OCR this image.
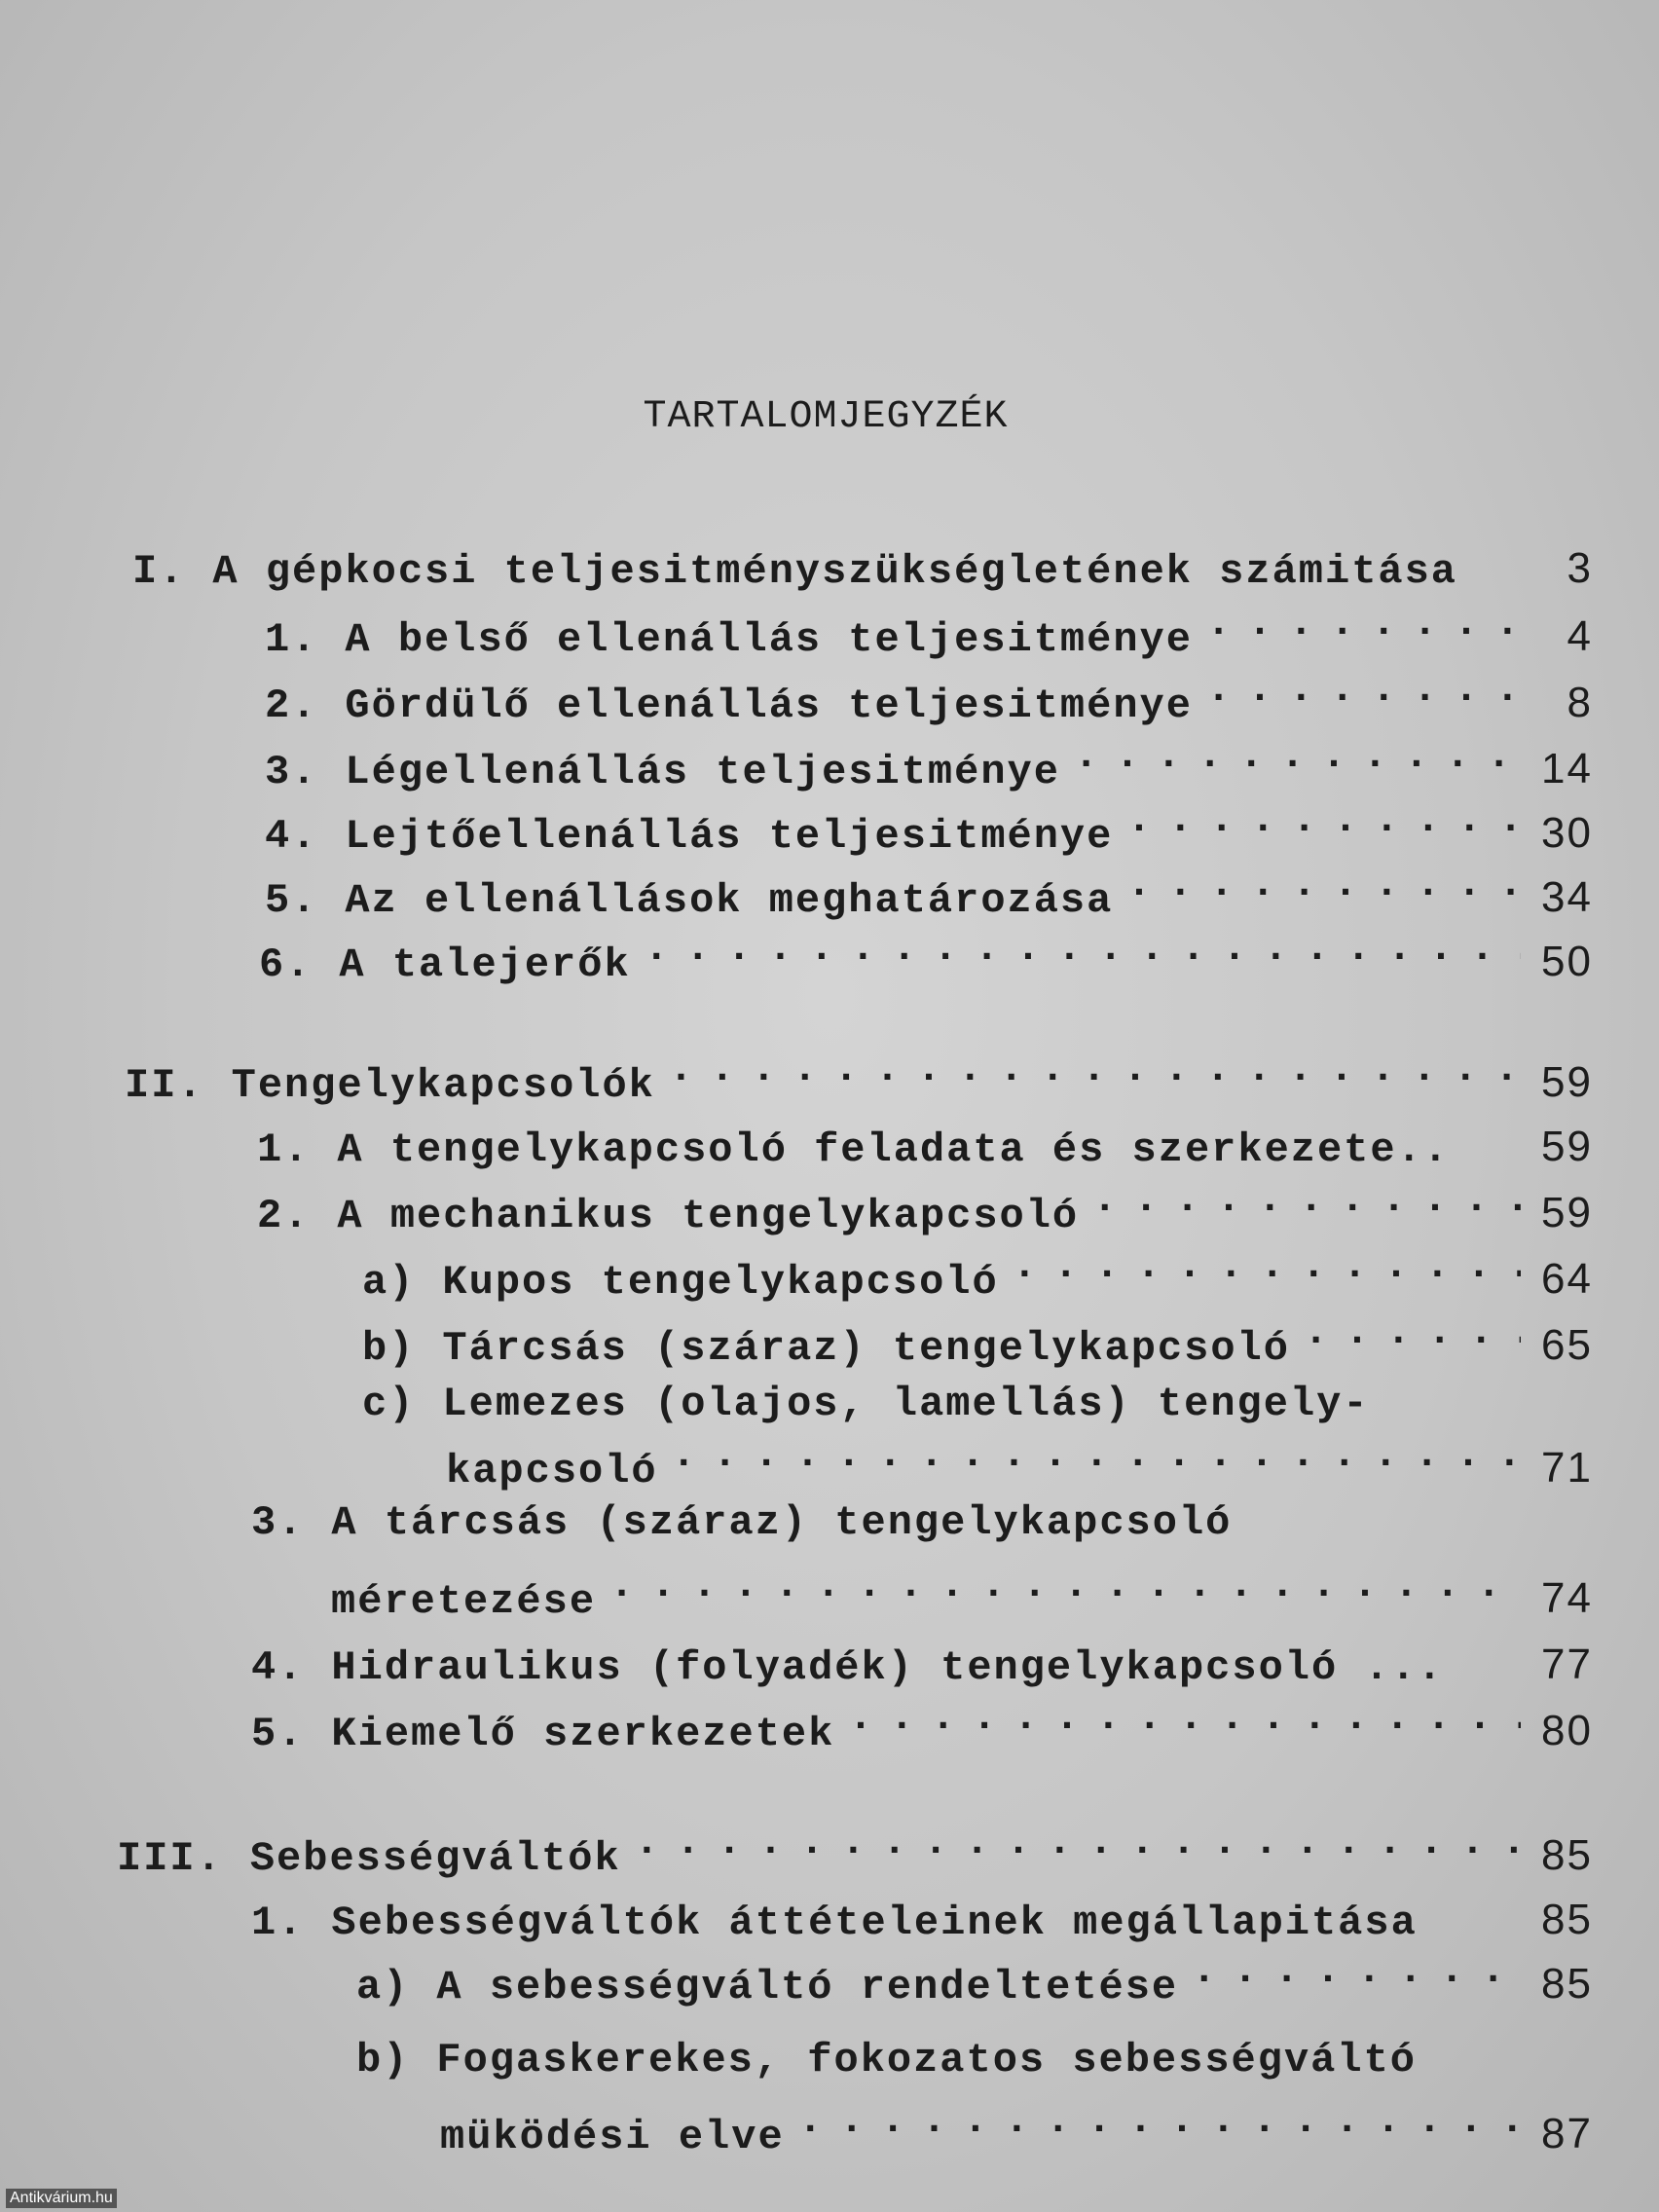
TARTALOMJEGYZÉK
I. A gépkocsi teljesitményszükségletének számitása	3
1. A belső ellenállás teljesitménye . . .	4
2. Gördülő ellenállás teljesitménye . . .	8
3. Légellenállás teljesitménye . . .	14
4. Lejtőellenállás teljesitménye . . .	30
5. Az ellenállások meghatározása . . .	34
6. A talejerők . . .	50
II. Tengelykapcsolók . . .	59
1. A tengelykapcsoló feladata és szerkezete.. 59
2. A mechanikus tengelykapcsoló . . .	59
a) Kupos tengelykapcsoló . . .	64
b) Tárcsás (száraz) tengelykapcsoló . . .	65
c) Lemezes (olajos, lamellás) tengely-
kapcsoló . . .	71
3. A tárcsás (száraz) tengelykapcsoló
méretezése . . .	74
4. Hidraulikus (folyadék) tengelykapcsoló ... 77
5. Kiemelő szerkezetek . . .	80
III. Sebességváltók . . .	85
1. Sebességváltók áttételeinek megállapitása	85
a) A sebességváltó rendeltetése . . .	85
b) Fogaskerekes, fokozatos sebességváltó
müködési elve . . .	87
Antikvárium.hu
